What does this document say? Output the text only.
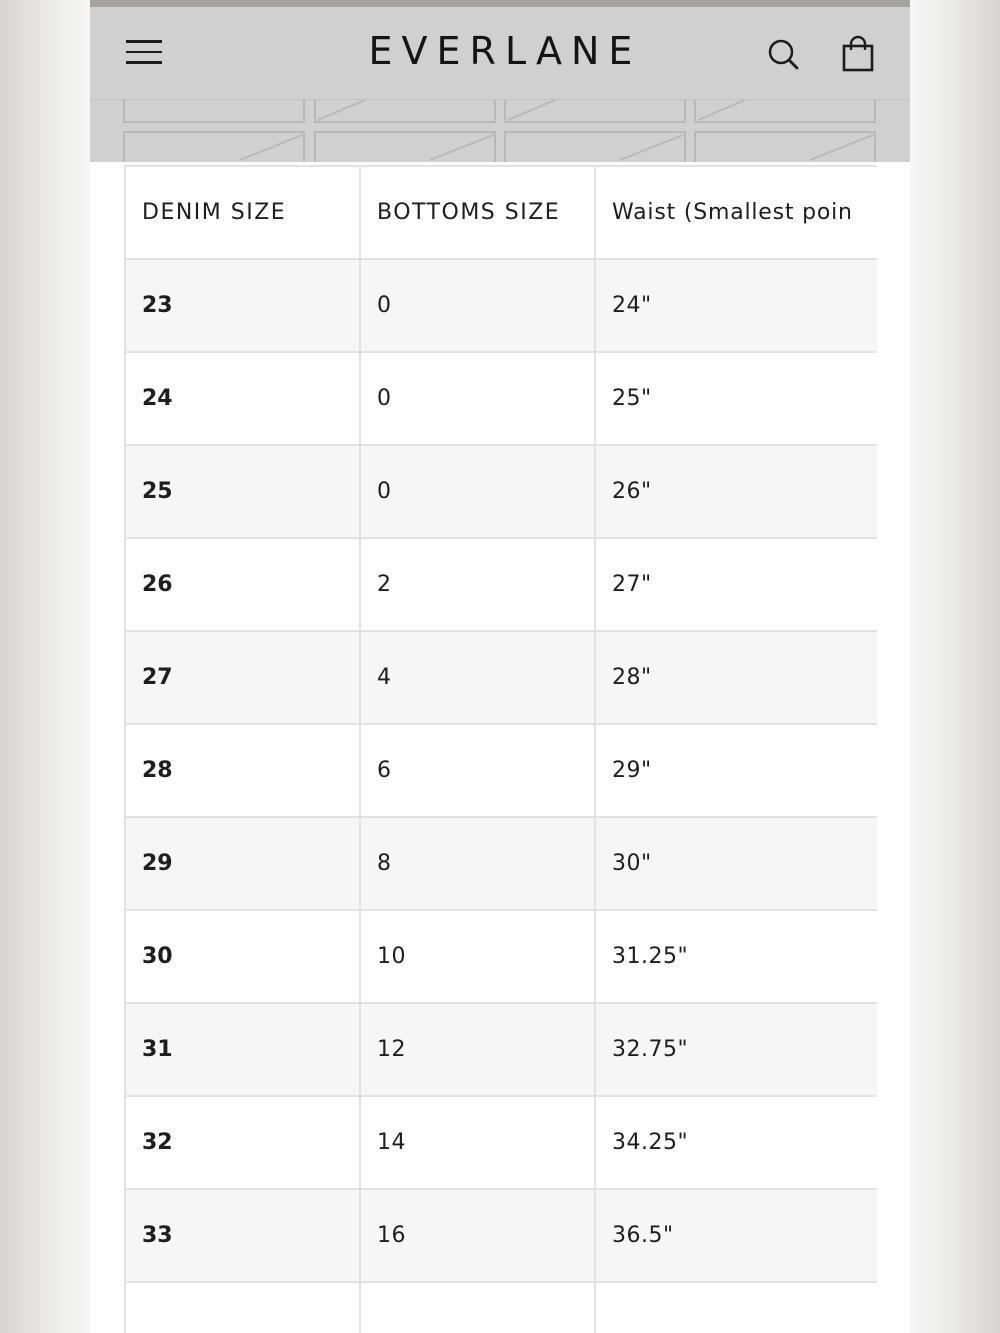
EVERLANE
DENIM SIZE	BOTTOMS SIZE	Waist (Smallest poin
23	0	24"
24	0	25"
25	0	26"
26	2	27"
27	4	28"
28	6	29"
29	8	30"
30	10	31.25"
31	12	32.75"
32	14	34.25"
33	16	36.5"
